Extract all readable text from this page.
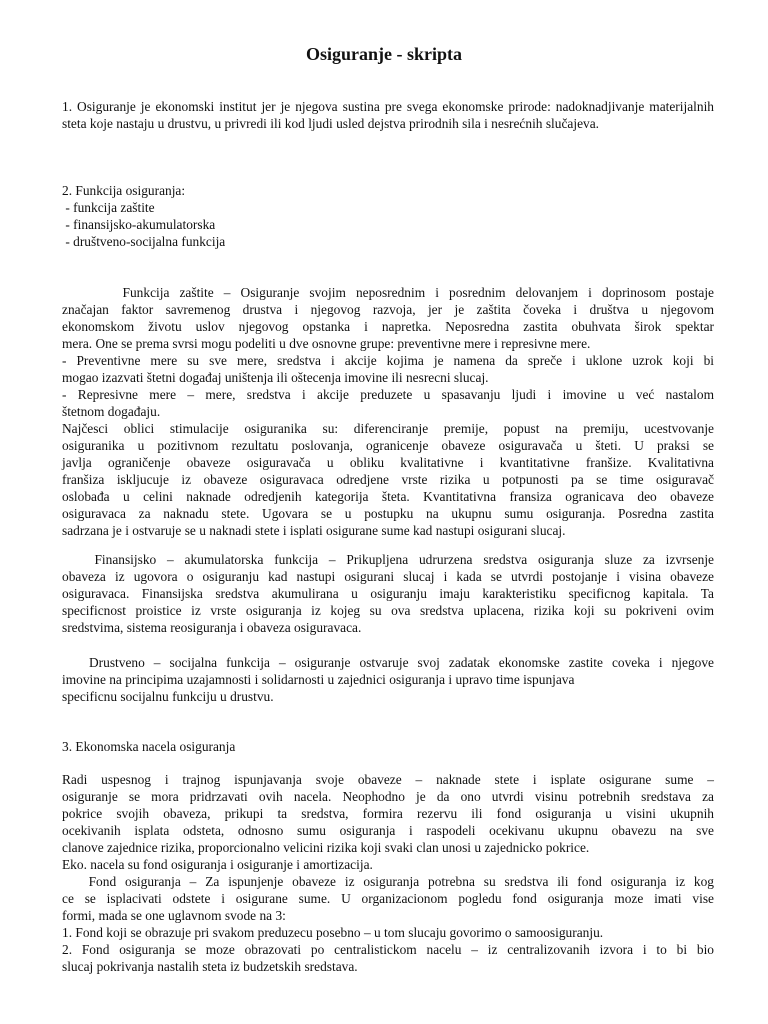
Osiguranje - skripta

1. Osiguranje je ekonomski institut jer je njegova sustina pre svega ekonomske prirode: nadoknadjivanje materijalnih steta koje nastaju u drustvu, u privredi ili kod ljudi usled dejstva prirodnih sila i nesrećnih slučajeva.

2. Funkcija osiguranja:
- funkcija zaštite
- finansijsko-akumulatorska
- društveno-socijalna funkcija
Funkcija zaštite – Osiguranje svojim neposrednim i posrednim delovanjem i doprinosom postaje
značajan faktor savremenog drustva i njegovog razvoja, jer je zaštita čoveka i društva u njegovom
ekonomskom životu uslov njegovog opstanka i napretka. Neposredna zastita obuhvata širok spektar
mera. One se prema svrsi mogu podeliti u dve osnovne grupe: preventivne mere i represivne mere.
- Preventivne mere su sve mere, sredstva i akcije kojima je namena da spreče i uklone uzrok koji bi
mogao izazvati štetni događaj uništenja ili oštecenja imovine ili nesrecni slucaj.
- Represivne mere – mere, sredstva i akcije preduzete u spasavanju ljudi i imovine u već nastalom
štetnom događaju.
Najčesci oblici stimulacije osiguranika su: diferenciranje premije, popust na premiju, ucestvovanje
osiguranika u pozitivnom rezultatu poslovanja, ogranicenje obaveze osiguravača u šteti. U praksi se
javlja ograničenje obaveze osiguravača u obliku kvalitativne i kvantitativne franšize. Kvalitativna
franšiza iskljucuje iz obaveze osiguravaca odredjene vrste rizika u potpunosti pa se time osiguravač
oslobađa u celini naknade odredjenih kategorija šteta. Kvantitativna fransiza ogranicava deo obaveze
osiguravaca za naknadu stete. Ugovara se u postupku na ukupnu sumu osiguranja. Posredna zastita
sadrzana je i ostvaruje se u naknadi stete i isplati osigurane sume kad nastupi osigurani slucaj.
Finansijsko – akumulatorska funkcija – Prikupljena udrurzena sredstva osiguranja sluze za izvrsenje
obaveza iz ugovora o osiguranju kad nastupi osigurani slucaj i kada se utvrdi postojanje i visina obaveze
osiguravaca. Finansijska sredstva akumulirana u osiguranju imaju karakteristiku specificnog kapitala. Ta
specificnost proistice iz vrste osiguranja iz kojeg su ova sredstva uplacena, rizika koji su pokriveni ovim
sredstvima, sistema reosiguranja i obaveza osiguravaca.
Drustveno – socijalna funkcija – osiguranje ostvaruje svoj zadatak ekonomske zastite coveka i njegove
imovine na principima uzajamnosti i solidarnosti u zajednici osiguranja i upravo time ispunjava
specificnu socijalnu funkciju u drustvu.
3. Ekonomska nacela osiguranja
Radi uspesnog i trajnog ispunjavanja svoje obaveze – naknade stete i isplate osigurane sume –
osiguranje se mora pridrzavati ovih nacela. Neophodno je da ono utvrdi visinu potrebnih sredstava za
pokrice svojih obaveza, prikupi ta sredstva, formira rezervu ili fond osiguranja u visini ukupnih
ocekivanih isplata odsteta, odnosno sumu osiguranja i raspodeli ocekivanu ukupnu obavezu na sve
clanove zajednice rizika, proporcionalno velicini rizika koji svaki clan unosi u zajednicko pokrice.
Eko. nacela su fond osiguranja i osiguranje i amortizacija.
Fond osiguranja – Za ispunjenje obaveze iz osiguranja potrebna su sredstva ili fond osiguranja iz kog
ce se isplacivati odstete i osigurane sume. U organizacionom pogledu fond osiguranja moze imati vise
formi, mada se one uglavnom svode na 3:
1. Fond koji se obrazuje pri svakom preduzecu posebno – u tom slucaju govorimo o samoosiguranju.
2. Fond osiguranja se moze obrazovati po centralistickom nacelu – iz centralizovanih izvora i to bi bio
slucaj pokrivanja nastalih steta iz budzetskih sredstava.
